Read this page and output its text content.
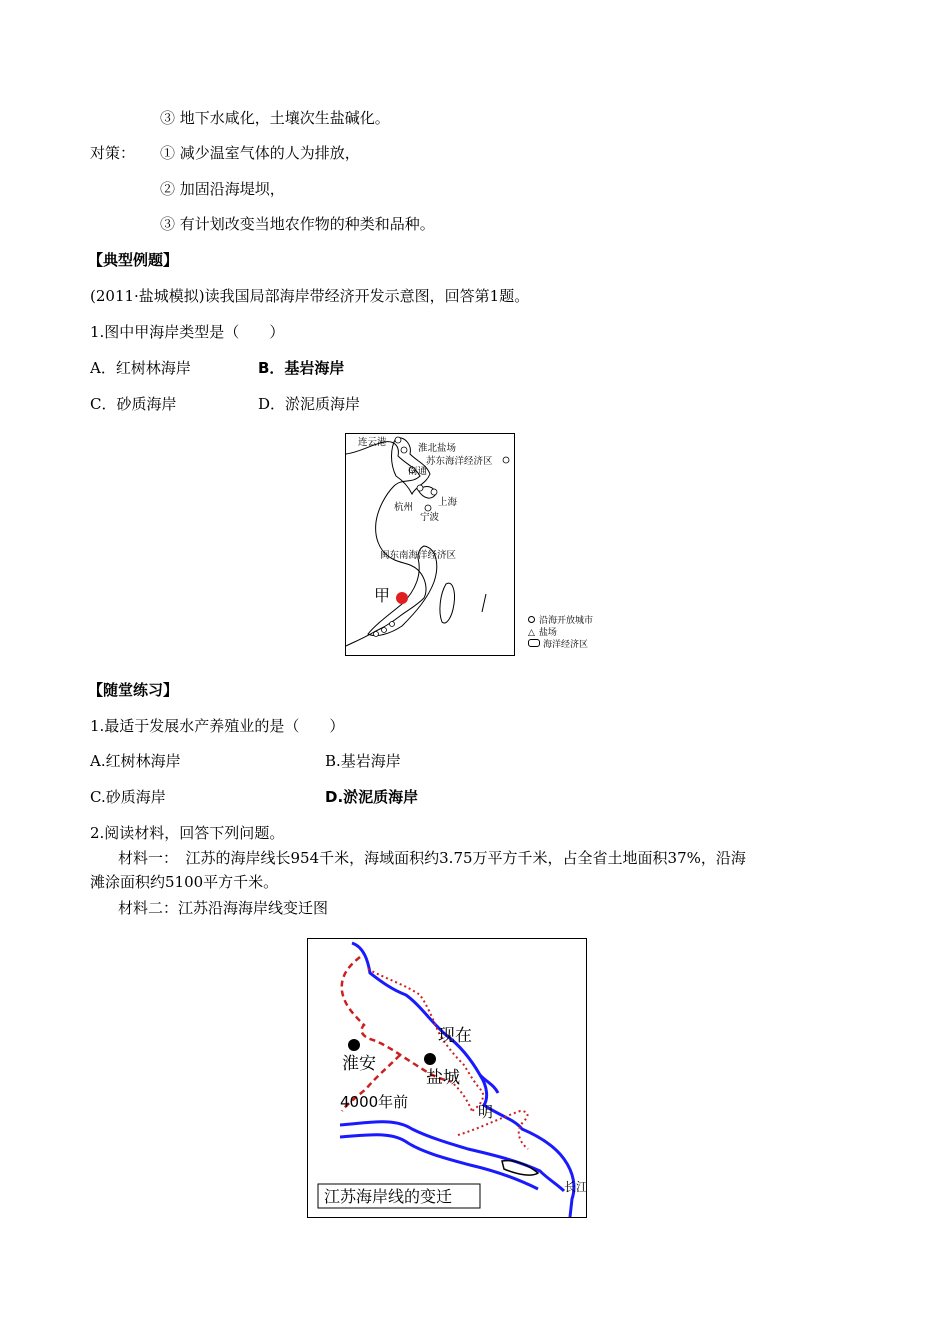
③ 地下水咸化，土壤次生盐碱化。
对策： ① 减少温室气体的人为排放，
② 加固沿海堤坝，
③ 有计划改变当地农作物的种类和品种。
【典型例题】
(2011·盐城模拟)读我国局部海岸带经济开发示意图，回答第1题。
1.图中甲海岸类型是（　　）
A．红树林海岸	B．基岩海岸
C．砂质海岸	D．淤泥质海岸
连云港
淮北盐场
苏东海洋经济区
南通
上海
杭州
宁波
闽东南海洋经济区
甲
沿海开放城市
△ 盐场
海洋经济区
【随堂练习】
1.最适于发展水产养殖业的是（　　）
A.红树林海岸	B.基岩海岸
C.砂质海岸	D.淤泥质海岸
2.阅读材料，回答下列问题。
材料一：　江苏的海岸线长954千米，海域面积约3.75万平方千米，占全省土地面积37%，沿海
滩涂面积约5100平方千米。
材料二：江苏沿海海岸线变迁图
现在
淮安
盐城
明
4000年前
长江
江苏海岸线的变迁
